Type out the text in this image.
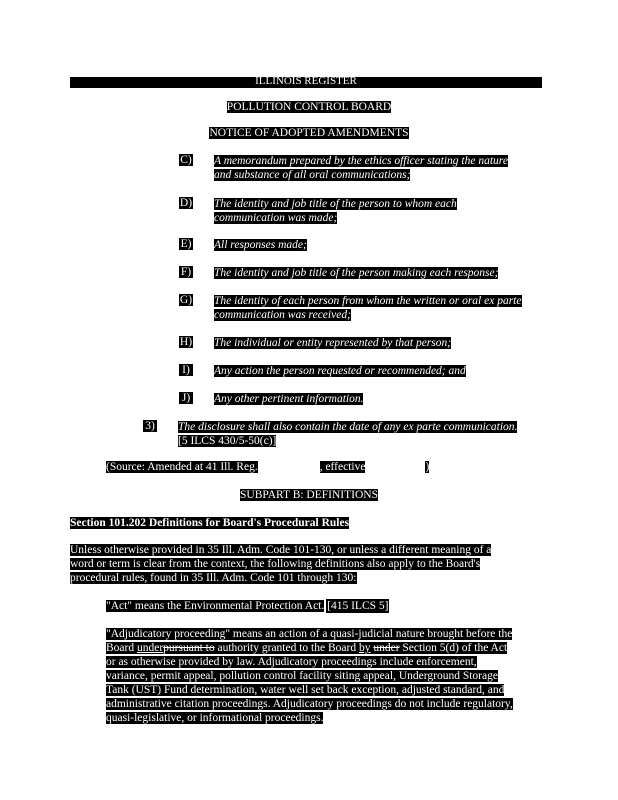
ILLINOIS REGISTER
POLLUTION CONTROL BOARD
NOTICE OF ADOPTED AMENDMENTS
C) A memorandum prepared by the ethics officer stating the nature
and substance of all oral communications;
D) The identity and job title of the person to whom each
communication was made;
E) All responses made;
F) The identity and job title of the person making each response;
G) The identity of each person from whom the written or oral ex parte
communication was received;
H) The individual or entity represented by that person;
I) Any action the person requested or recommended; and
J) Any other pertinent information.
3) The disclosure shall also contain the date of any ex parte communication.
[5 ILCS 430/5-50(c)]
(Source: Amended at 41 Ill. Reg.	, effective	)
SUBPART B: DEFINITIONS
Section 101.202 Definitions for Board's Procedural Rules
Unless otherwise provided in 35 Ill. Adm. Code 101-130, or unless a different meaning of a
word or term is clear from the context, the following definitions also apply to the Board's
procedural rules, found in 35 Ill. Adm. Code 101 through 130:
"Act" means the Environmental Protection Act. [415 ILCS 5]
"Adjudicatory proceeding" means an action of a quasi-judicial nature brought before the
Board underpursuant to authority granted to the Board by under Section 5(d) of the Act
or as otherwise provided by law. Adjudicatory proceedings include enforcement,
variance, permit appeal, pollution control facility siting appeal, Underground Storage
Tank (UST) Fund determination, water well set back exception, adjusted standard, and
administrative citation proceedings. Adjudicatory proceedings do not include regulatory,
quasi-legislative, or informational proceedings.
